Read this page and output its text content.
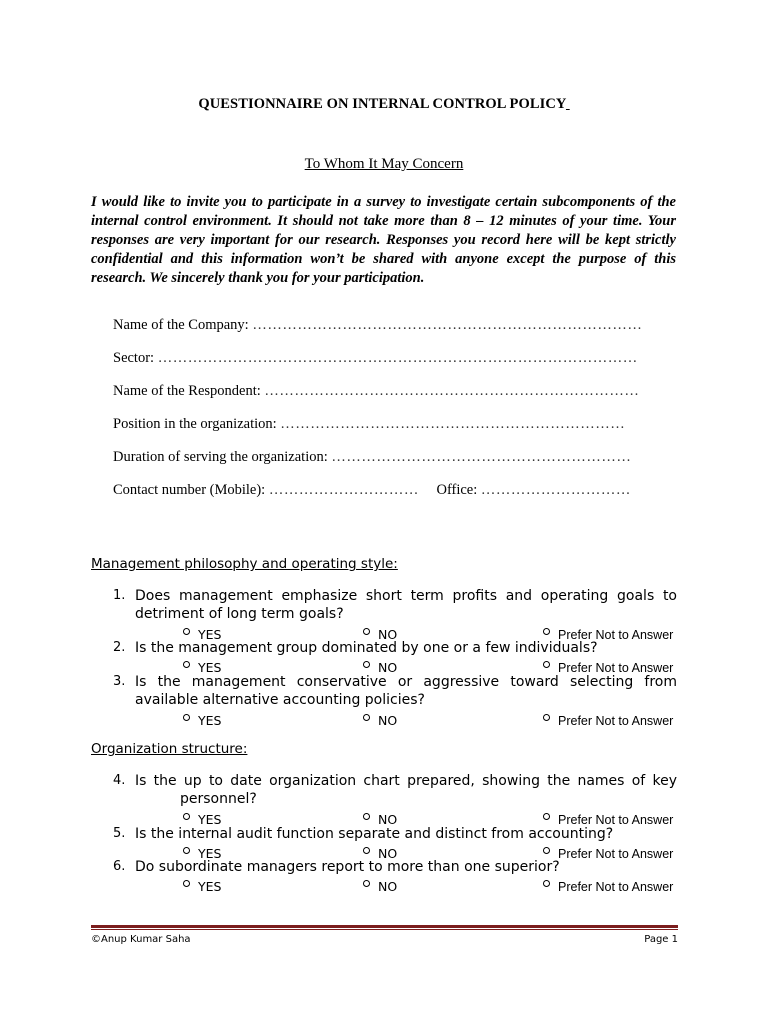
QUESTIONNAIRE ON INTERNAL CONTROL POLICY
To Whom It May Concern

I would like to invite you to participate in a survey to investigate certain subcomponents of the internal control environment. It should not take more than 8 – 12 minutes of your time. Your responses are very important for our research. Responses you record here will be kept strictly confidential and this information won’t be shared with anyone except the purpose of this research. We sincerely thank you for your participation.

Name of the Company: ……………………………………………………………………
Sector: ……………………………………………………………………………………
Name of the Respondent: …………………………………………………………………
Position in the organization: ……………………………………………………………
Duration of serving the organization: ……………………………………………………
Contact number (Mobile): ………………………… Office: …………………………
Management philosophy and operating style:
1. Does management emphasize short term profits and operating goals to detriment of long term goals?
YES	NO	Prefer Not to Answer
2. Is the management group dominated by one or a few individuals?
YES	NO	Prefer Not to Answer
3. Is the management conservative or aggressive toward selecting from available alternative accounting policies?
YES	NO	Prefer Not to Answer
Organization structure:
4. Is the up to date organization chart prepared, showing the names of key
personnel?
YES	NO	Prefer Not to Answer
5. Is the internal audit function separate and distinct from accounting?
YES	NO	Prefer Not to Answer
6. Do subordinate managers report to more than one superior?
YES	NO	Prefer Not to Answer
©Anup Kumar Saha	Page 1
